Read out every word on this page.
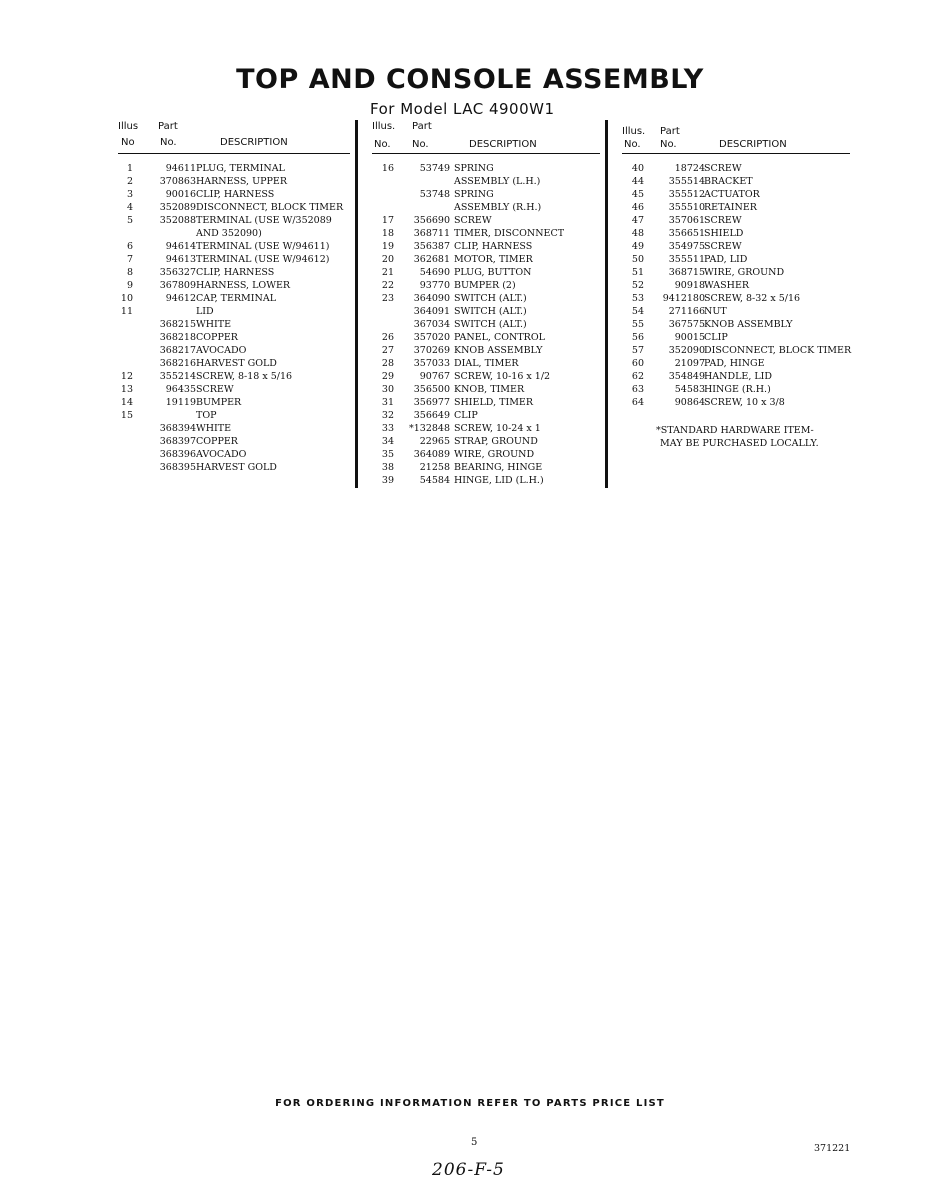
TOP AND CONSOLE ASSEMBLY
For Model LAC 4900W1
Illus
No
Part
No.	DESCRIPTION
1	94611 PLUG, TERMINAL
2	370863 HARNESS, UPPER
3	90016 CLIP, HARNESS
4	352089 DISCONNECT, BLOCK TIMER
5	352088 TERMINAL (USE W/352089
AND 352090)
6	94614 TERMINAL (USE W/94611)
7	94613 TERMINAL (USE W/94612)
8	356327 CLIP, HARNESS
9	367809 HARNESS, LOWER
10	94612 CAP, TERMINAL
11	LID
368215 WHITE
368218 COPPER
368217 AVOCADO
368216 HARVEST GOLD
12	355214 SCREW, 8-18 x 5/16
13	96435 SCREW
14	19119 BUMPER
15	TOP
368394 WHITE
368397 COPPER
368396 AVOCADO
368395 HARVEST GOLD
Illus.
No.
Part
No.	DESCRIPTION
16	53749 SPRING
ASSEMBLY (L.H.)
53748 SPRING
ASSEMBLY (R.H.)
17	356690 SCREW
18	368711 TIMER, DISCONNECT
19	356387 CLIP, HARNESS
20	362681 MOTOR, TIMER
21	54690 PLUG, BUTTON
22	93770 BUMPER (2)
23	364090 SWITCH (ALT.)
364091 SWITCH (ALT.)
367034 SWITCH (ALT.)
26	357020 PANEL, CONTROL
27	370269 KNOB ASSEMBLY
28	357033 DIAL, TIMER
29	90767 SCREW, 10-16 x 1/2
30	356500 KNOB, TIMER
31	356977 SHIELD, TIMER
32	356649 CLIP
33	*132848 SCREW, 10-24 x 1
34	22965 STRAP, GROUND
35	364089 WIRE, GROUND
38	21258 BEARING, HINGE
39	54584 HINGE, LID (L.H.)
Illus.
No.
Part
No.	DESCRIPTION
40	18724 SCREW
44	355514 BRACKET
45	355512 ACTUATOR
46	355510 RETAINER
47	357061 SCREW
48	356651 SHIELD
49	354975 SCREW
50	355511 PAD, LID
51	368715 WIRE, GROUND
52	90918 WASHER
53	9412180 SCREW, 8-32 x 5/16
54	271166 NUT
55	367575 KNOB ASSEMBLY
56	90015 CLIP
57	352090 DISCONNECT, BLOCK TIMER
60	21097 PAD, HINGE
62	354849 HANDLE, LID
63	54583 HINGE (R.H.)
64	90864 SCREW, 10 x 3/8
*STANDARD HARDWARE ITEM-
MAY BE PURCHASED LOCALLY.
FOR ORDERING INFORMATION REFER TO PARTS PRICE LIST
5
371221
206-F-5
